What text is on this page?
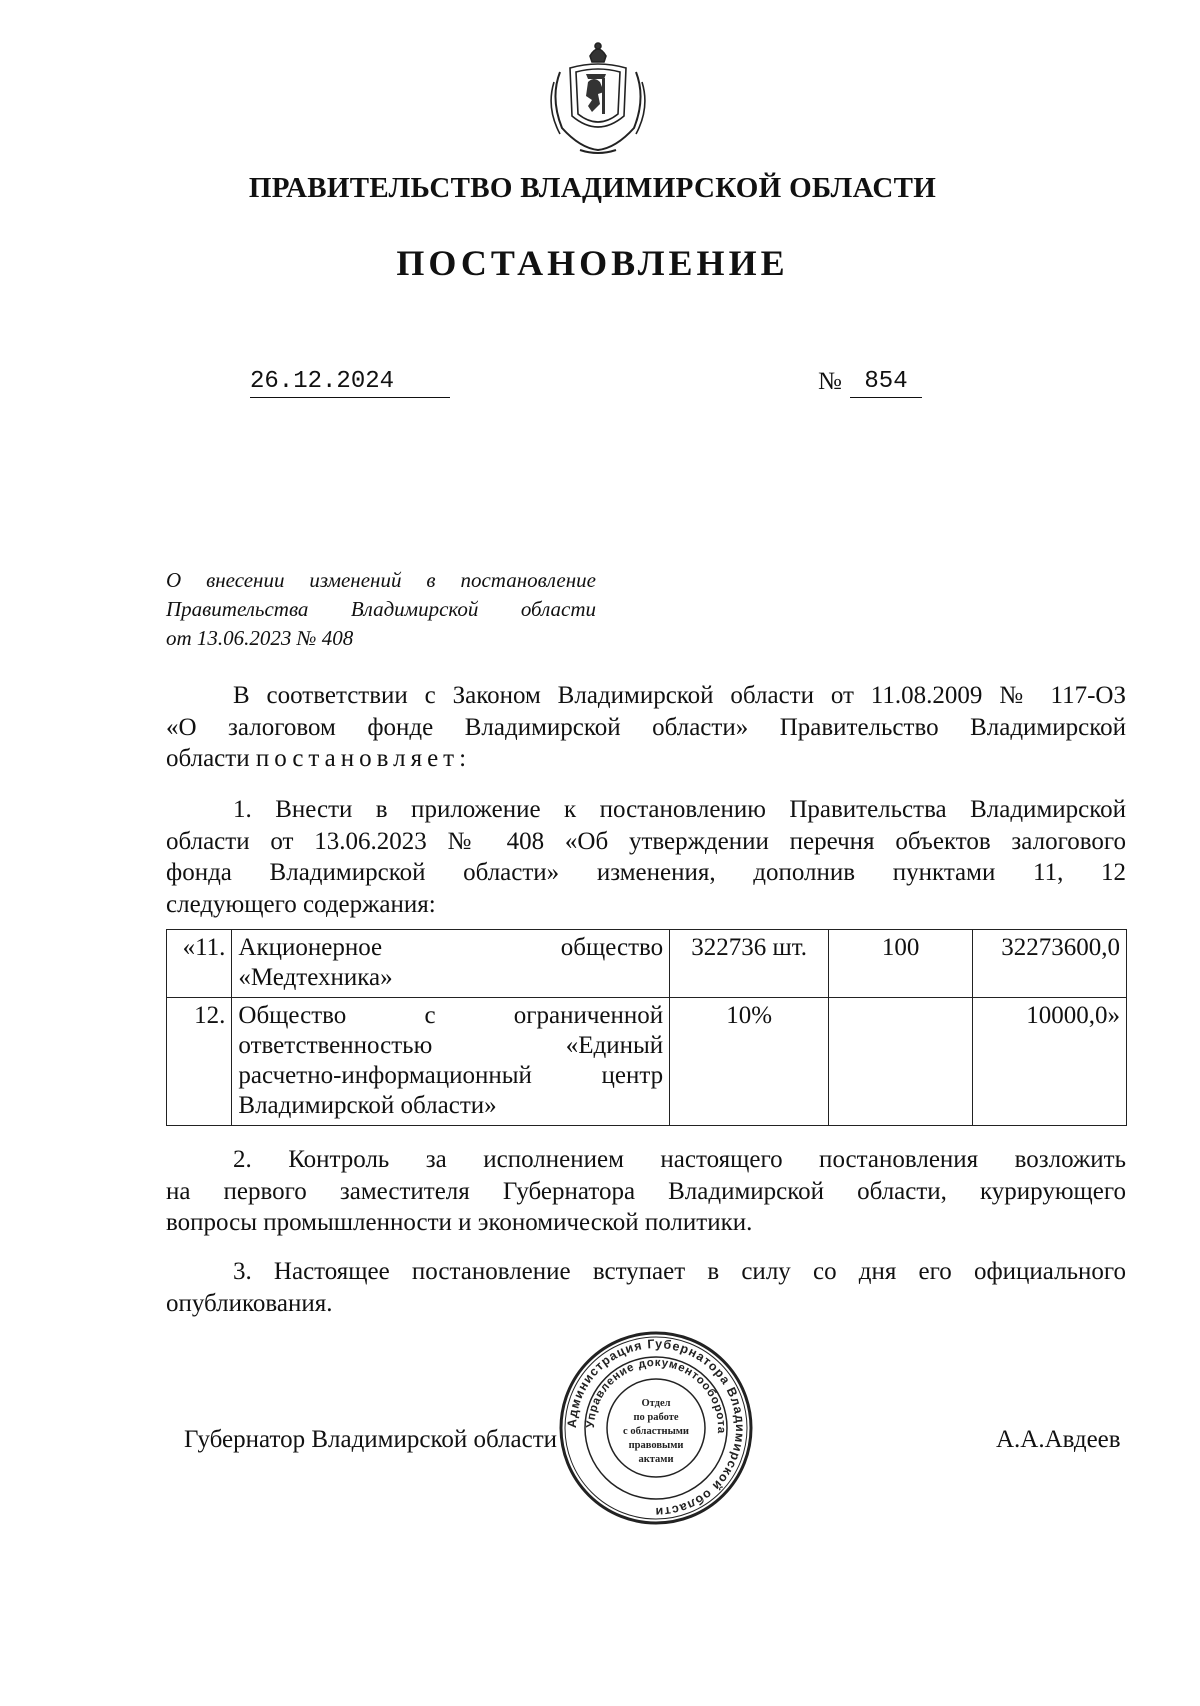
ПРАВИТЕЛЬСТВО ВЛАДИМИРСКОЙ ОБЛАСТИ
ПОСТАНОВЛЕНИЕ
26.12.2024	№ 854
О внесении изменений в постановление
Правительства Владимирской области
от 13.06.2023 № 408
В соответствии с Законом Владимирской области от 11.08.2009 № 117-ОЗ
«О залоговом фонде Владимирской области» Правительство Владимирской
области постановляет:
1. Внести в приложение к постановлению Правительства Владимирской
области от 13.06.2023 № 408 «Об утверждении перечня объектов залогового
фонда Владимирской области» изменения, дополнив пунктами 11, 12
следующего содержания:
«11.	Акционерное общество
«Медтехника»	322736 шт.	100	32273600,0
12.	Общество с ограниченной
ответственностью «Единый
расчетно-информационный центр
Владимирской области»	10%		10000,0»
2. Контроль за исполнением настоящего постановления возложить
на первого заместителя Губернатора Владимирской области, курирующего
вопросы промышленности и экономической политики.
3. Настоящее постановление вступает в силу со дня его официального
опубликования.
Губернатор Владимирской области	А.А.Авдеев
Администрация Губернатора Владимирской области
Управление документооборота
Отдел
по работе
с областными
правовыми
актами
